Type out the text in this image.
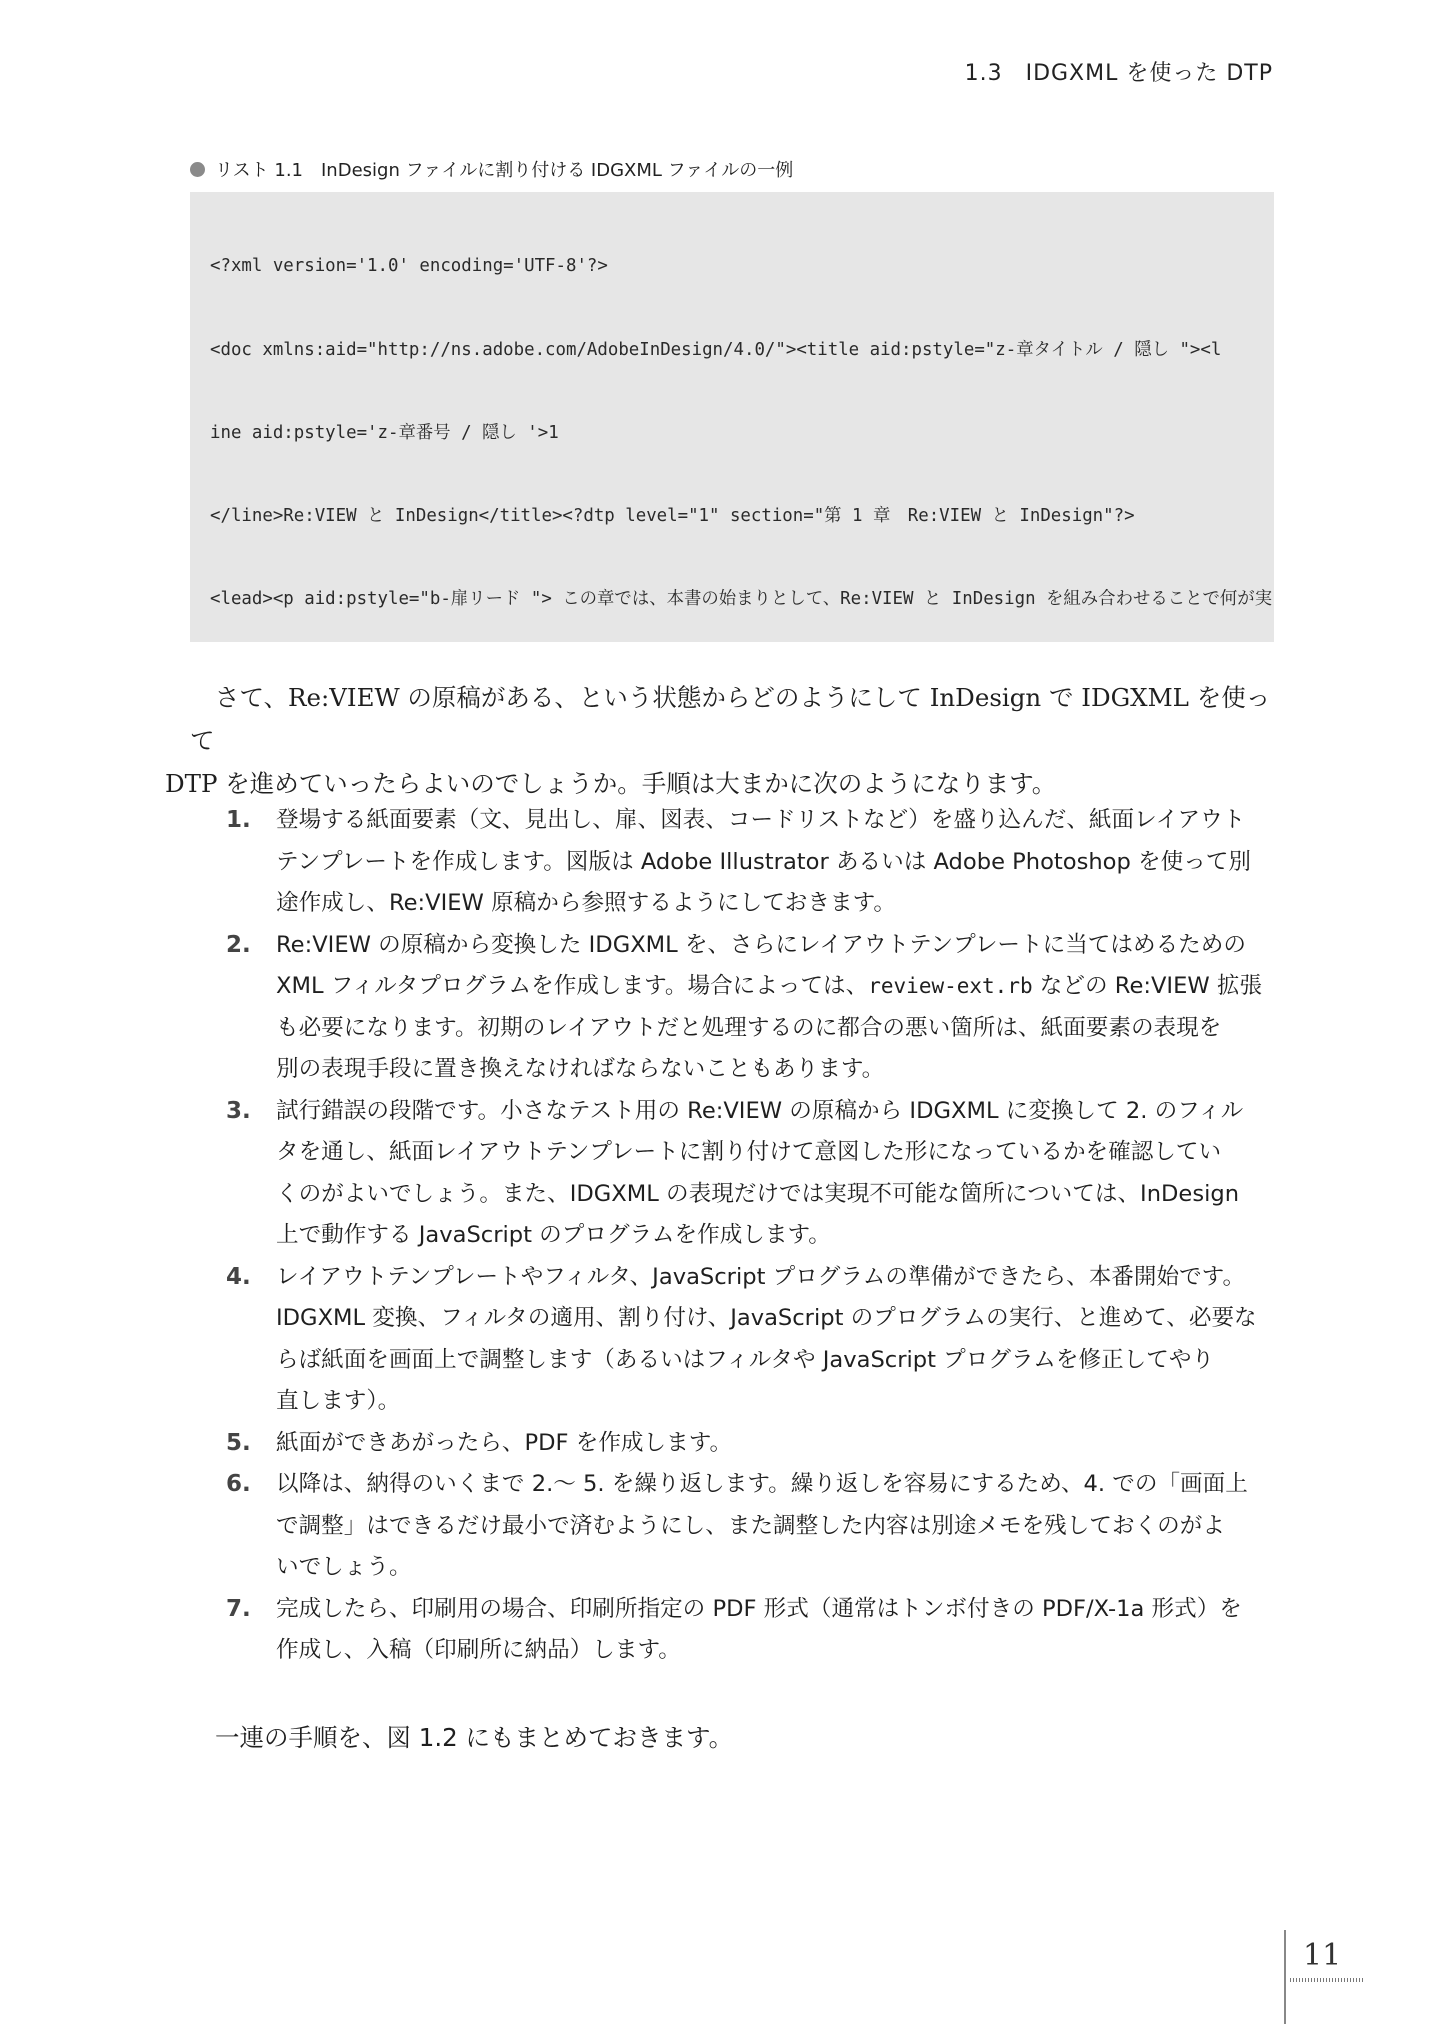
1.3　IDGXML を使った DTP
リスト 1.1　InDesign ファイルに割り付ける IDGXML ファイルの一例

<?xml version='1.0' encoding='UTF-8'?>

<doc xmlns:aid="http://ns.adobe.com/AdobeInDesign/4.0/"><title aid:pstyle="z-章タイトル / 隠し "><l

ine aid:pstyle='z-章番号 / 隠し '>1

</line>Re:VIEW と InDesign</title><?dtp level="1" section="第 1 章　Re:VIEW と InDesign"?>

<lead><p aid:pstyle="b-扉リード "> この章では、本書の始まりとして、Re:VIEW と InDesign を組み合わせることで何が実

さて、Re:VIEW の原稿がある、という状態からどのようにして InDesign で IDGXML を使って
DTP を進めていったらよいのでしょうか。手順は大まかに次のようになります。
1. 登場する紙面要素（文、見出し、扉、図表、コードリストなど）を盛り込んだ、紙面レイアウト
テンプレートを作成します。図版は Adobe Illustrator あるいは Adobe Photoshop を使って別
途作成し、Re:VIEW 原稿から参照するようにしておきます。
2. Re:VIEW の原稿から変換した IDGXML を、さらにレイアウトテンプレートに当てはめるための
XML フィルタプログラムを作成します。場合によっては、review-ext.rb などの Re:VIEW 拡張
も必要になります。初期のレイアウトだと処理するのに都合の悪い箇所は、紙面要素の表現を
別の表現手段に置き換えなければならないこともあります。
3. 試行錯誤の段階です。小さなテスト用の Re:VIEW の原稿から IDGXML に変換して 2. のフィル
タを通し、紙面レイアウトテンプレートに割り付けて意図した形になっているかを確認してい
くのがよいでしょう。また、IDGXML の表現だけでは実現不可能な箇所については、InDesign
上で動作する JavaScript のプログラムを作成します。
4. レイアウトテンプレートやフィルタ、JavaScript プログラムの準備ができたら、本番開始です。
IDGXML 変換、フィルタの適用、割り付け、JavaScript のプログラムの実行、と進めて、必要な
らば紙面を画面上で調整します（あるいはフィルタや JavaScript プログラムを修正してやり
直します）。
5. 紙面ができあがったら、PDF を作成します。
6. 以降は、納得のいくまで 2.～ 5. を繰り返します。繰り返しを容易にするため、4. での「画面上
で調整」はできるだけ最小で済むようにし、また調整した内容は別途メモを残しておくのがよ
いでしょう。
7. 完成したら、印刷用の場合、印刷所指定の PDF 形式（通常はトンボ付きの PDF/X-1a 形式）を
作成し、入稿（印刷所に納品）します。
一連の手順を、図 1.2 にもまとめておきます。
11
